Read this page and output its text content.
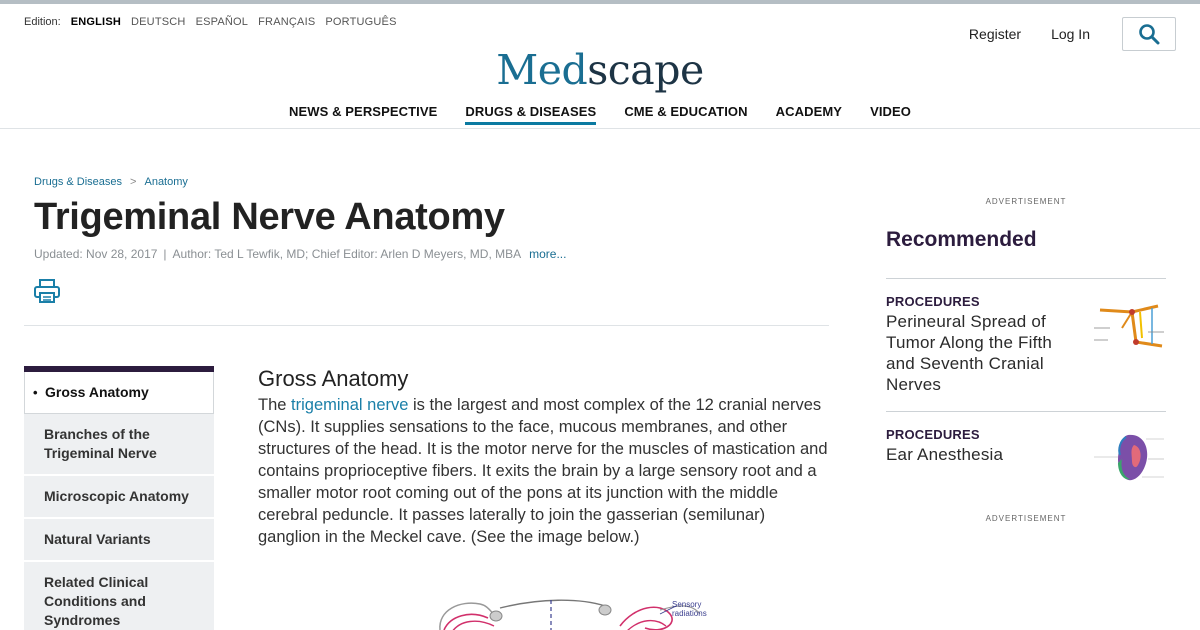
Edition: ENGLISH DEUTSCH ESPAÑOL FRANÇAIS PORTUGUÊS
Register Log In
Medscape
NEWS & PERSPECTIVE DRUGS & DISEASES CME & EDUCATION ACADEMY VIDEO
Drugs & Diseases > Anatomy
Trigeminal Nerve Anatomy
Updated: Nov 28, 2017 | Author: Ted L Tewfik, MD; Chief Editor: Arlen D Meyers, MD, MBA more...
• Gross Anatomy
Branches of the Trigeminal Nerve
Microscopic Anatomy
Natural Variants
Related Clinical Conditions and Syndromes
Gross Anatomy

The trigeminal nerve is the largest and most complex of the 12 cranial nerves (CNs). It supplies sensations to the face, mucous membranes, and other structures of the head. It is the motor nerve for the muscles of mastication and contains proprioceptive fibers. It exits the brain by a large sensory root and a smaller motor root coming out of the pons at its junction with the middle cerebral peduncle. It passes laterally to join the gasserian (semilunar) ganglion in the Meckel cave. (See the image below.)

Sensory radiations
ADVERTISEMENT
Recommended
PROCEDURES
Perineural Spread of Tumor Along the Fifth and Seventh Cranial Nerves
PROCEDURES
Ear Anesthesia
ADVERTISEMENT
